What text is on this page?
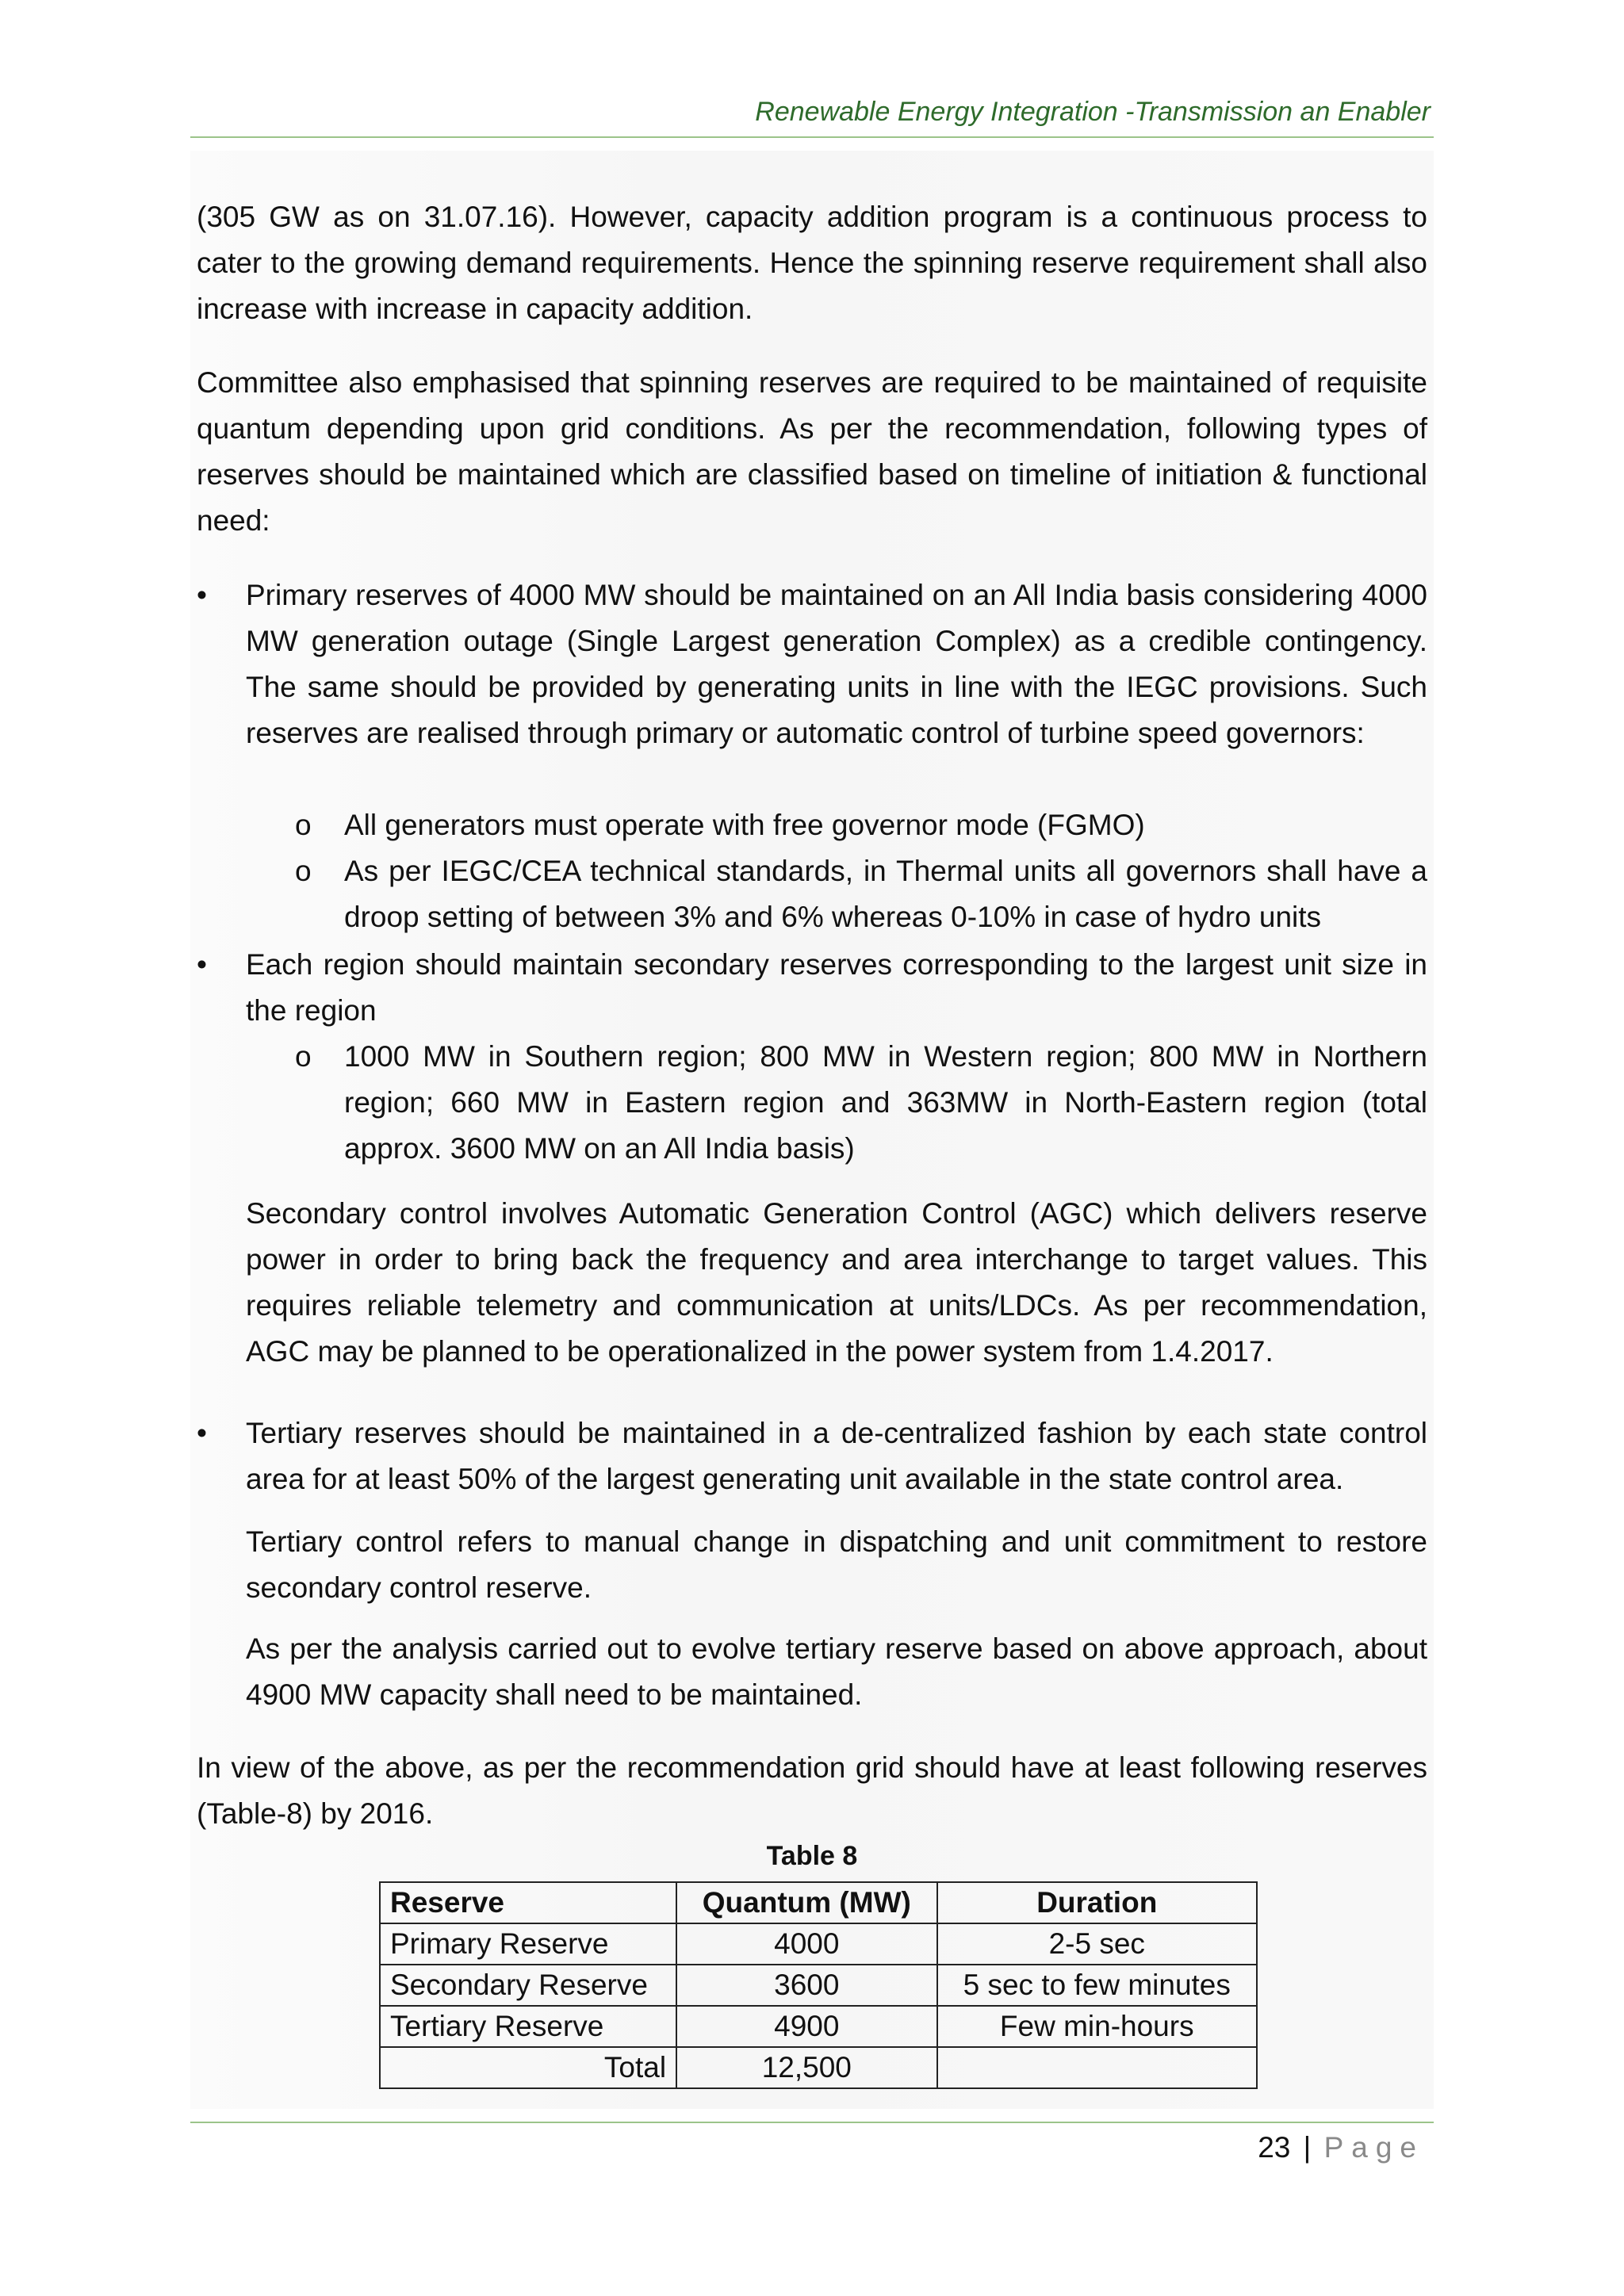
Renewable Energy Integration -Transmission an Enabler

(305 GW as on 31.07.16). However, capacity addition program is a continuous process to cater to the growing demand requirements. Hence the spinning reserve requirement shall also increase with increase in capacity addition.

Committee also emphasised that spinning reserves are required to be maintained of requisite quantum depending upon grid conditions. As per the recommendation, following types of reserves should be maintained which are classified based on timeline of initiation & functional need:

•	Primary reserves of 4000 MW should be maintained on an All India basis considering 4000 MW generation outage (Single Largest generation Complex) as a credible contingency. The same should be provided by generating units in line with the IEGC provisions. Such reserves are realised through primary or automatic control of turbine speed governors:
o All generators must operate with free governor mode (FGMO)
o As per IEGC/CEA technical standards, in Thermal units all governors shall have a droop setting of between 3% and 6% whereas 0-10% in case of hydro units
•	Each region should maintain secondary reserves corresponding to the largest unit size in the region
o 1000 MW in Southern region; 800 MW in Western region; 800 MW in Northern region; 660 MW in Eastern region and 363MW in North-Eastern region (total approx. 3600 MW on an All India basis)

Secondary control involves Automatic Generation Control (AGC) which delivers reserve power in order to bring back the frequency and area interchange to target values. This requires reliable telemetry and communication at units/LDCs. As per recommendation, AGC may be planned to be operationalized in the power system from 1.4.2017.

•	Tertiary reserves should be maintained in a de-centralized fashion by each state control area for at least 50% of the largest generating unit available in the state control area.

Tertiary control refers to manual change in dispatching and unit commitment to restore secondary control reserve.

As per the analysis carried out to evolve tertiary reserve based on above approach, about 4900 MW capacity shall need to be maintained.

In view of the above, as per the recommendation grid should have at least following reserves (Table-8) by 2016.

Table 8
Reserve	Quantum (MW)	Duration
Primary Reserve	4000	2-5 sec
Secondary Reserve	3600	5 sec to few minutes
Tertiary Reserve	4900	Few min-hours
Total	12,500	
23 | Page
